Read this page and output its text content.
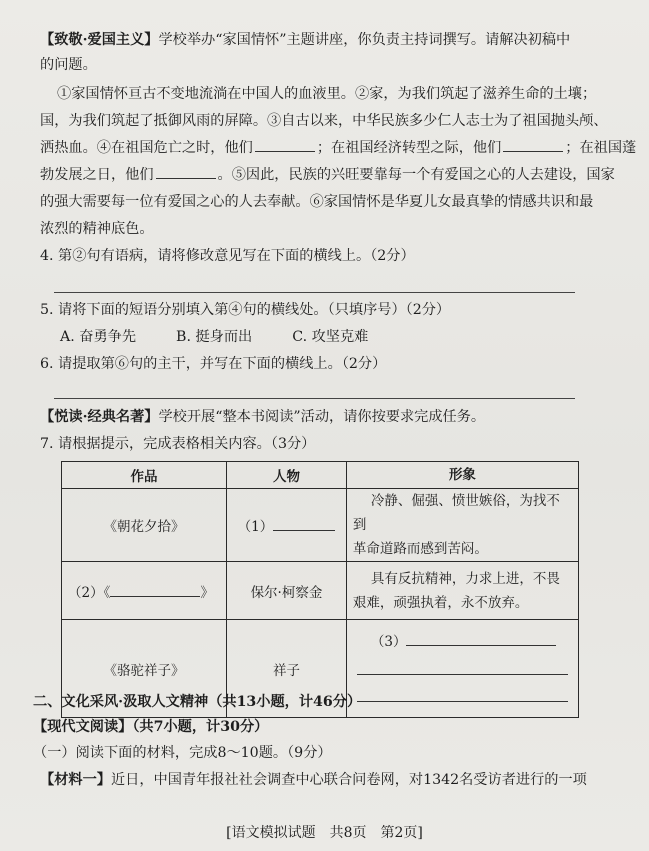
【致敬·爱国主义】学校举办“家国情怀”主题讲座，你负责主持词撰写。请解决初稿中
的问题。
①家国情怀亘古不变地流淌在中国人的血液里。②家，为我们筑起了滋养生命的土壤；
国，为我们筑起了抵御风雨的屏障。③自古以来，中华民族多少仁人志士为了祖国抛头颅、
洒热血。④在祖国危亡之时，他们	；在祖国经济转型之际，他们	；在祖国蓬
勃发展之日，他们	。⑤因此，民族的兴旺要靠每一个有爱国之心的人去建设，国家
的强大需要每一位有爱国之心的人去奉献。⑥家国情怀是华夏儿女最真挚的情感共识和最
浓烈的精神底色。
4. 第②句有语病，请将修改意见写在下面的横线上。（2分）
5. 请将下面的短语分别填入第④句的横线处。（只填序号）（2分）
A. 奋勇争先	B. 挺身而出	C. 攻坚克难
6. 请提取第⑥句的主干，并写在下面的横线上。（2分）
【悦读·经典名著】学校开展“整本书阅读”活动，请你按要求完成任务。
7. 请根据提示，完成表格相关内容。（3分）
作品	人物	形象
《朝花夕拾》	（1）	冷静、倔强、愤世嫉俗，为找不到
革命道路而感到苦闷。
（2）《 》	保尔·柯察金	具有反抗精神，力求上进，不畏
艰难，顽强执着，永不放弃。
《骆驼祥子》	祥子	（3）
二、文化采风·汲取人文精神（共13小题，计46分）
【现代文阅读】（共7小题，计30分）
（一）阅读下面的材料，完成8～10题。（9分）
【材料一】近日，中国青年报社社会调查中心联合问卷网，对1342名受访者进行的一项
[语文模拟试题　共8页　第2页]
